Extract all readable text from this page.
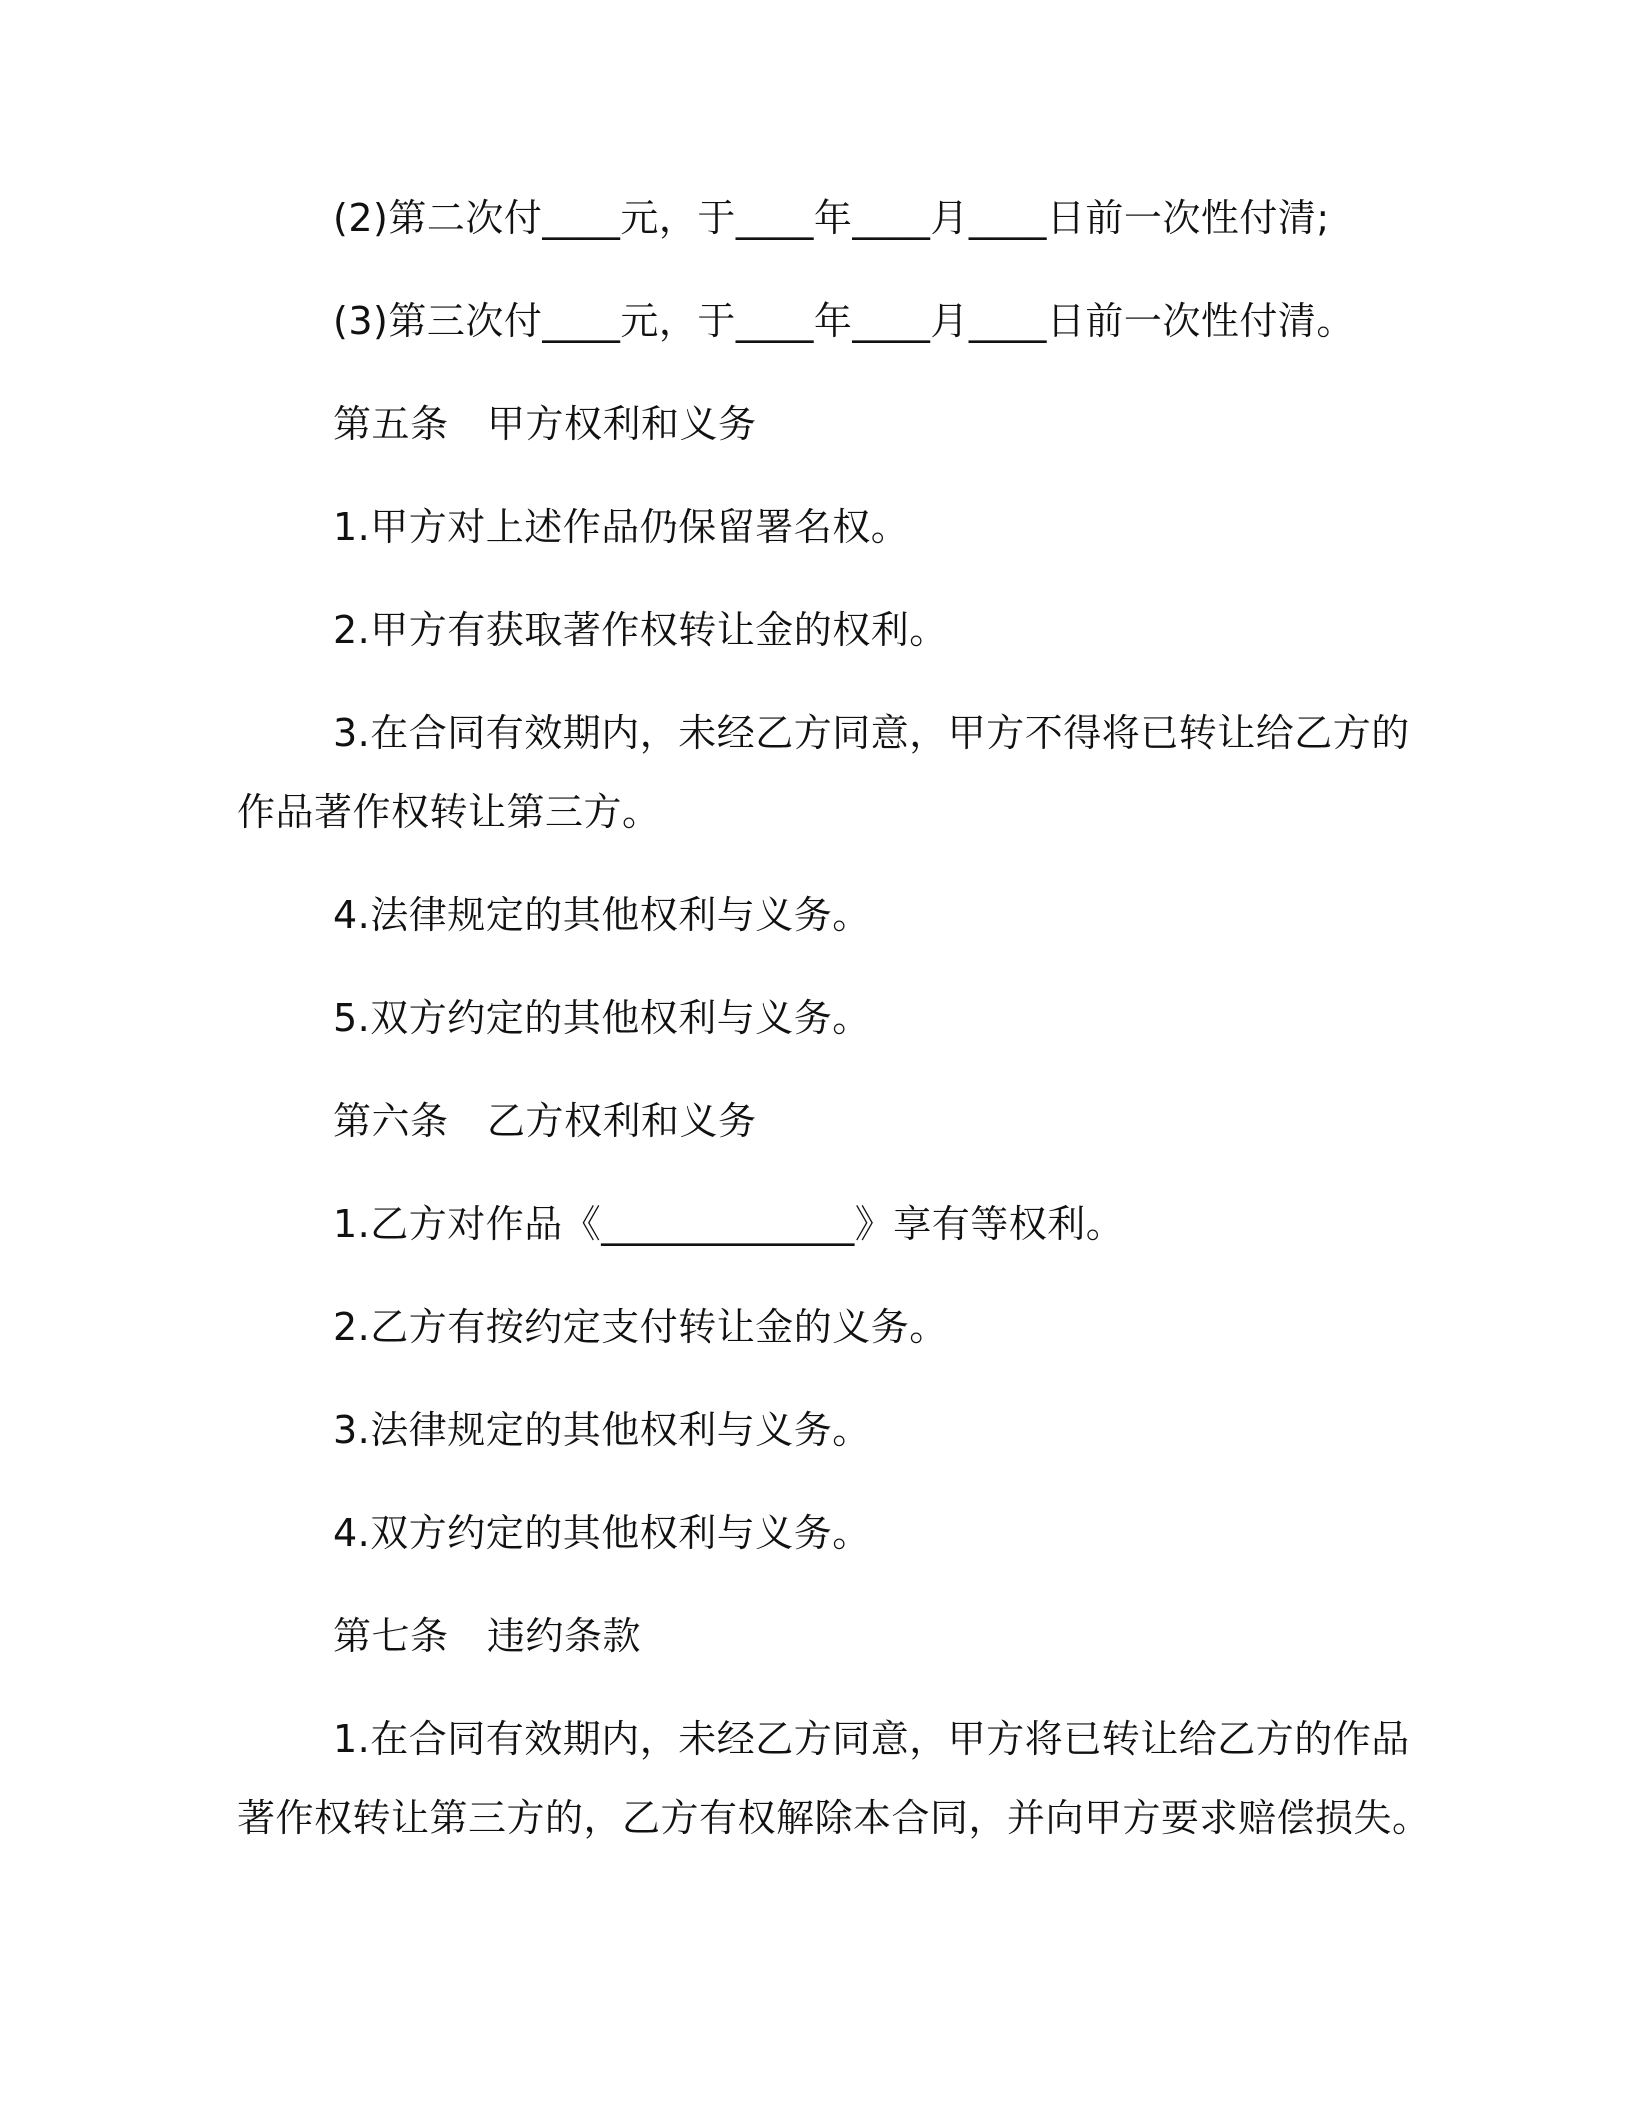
(2)第二次付____元，于____年____月____日前一次性付清;
(3)第三次付____元，于____年____月____日前一次性付清。
第五条　甲方权利和义务
1.甲方对上述作品仍保留署名权。
2.甲方有获取著作权转让金的权利。
3.在合同有效期内，未经乙方同意，甲方不得将已转让给乙方的
作品著作权转让第三方。
4.法律规定的其他权利与义务。
5.双方约定的其他权利与义务。
第六条　乙方权利和义务
1.乙方对作品《_____________》享有等权利。
2.乙方有按约定支付转让金的义务。
3.法律规定的其他权利与义务。
4.双方约定的其他权利与义务。
第七条　违约条款
1.在合同有效期内，未经乙方同意，甲方将已转让给乙方的作品
著作权转让第三方的，乙方有权解除本合同，并向甲方要求赔偿损失。
